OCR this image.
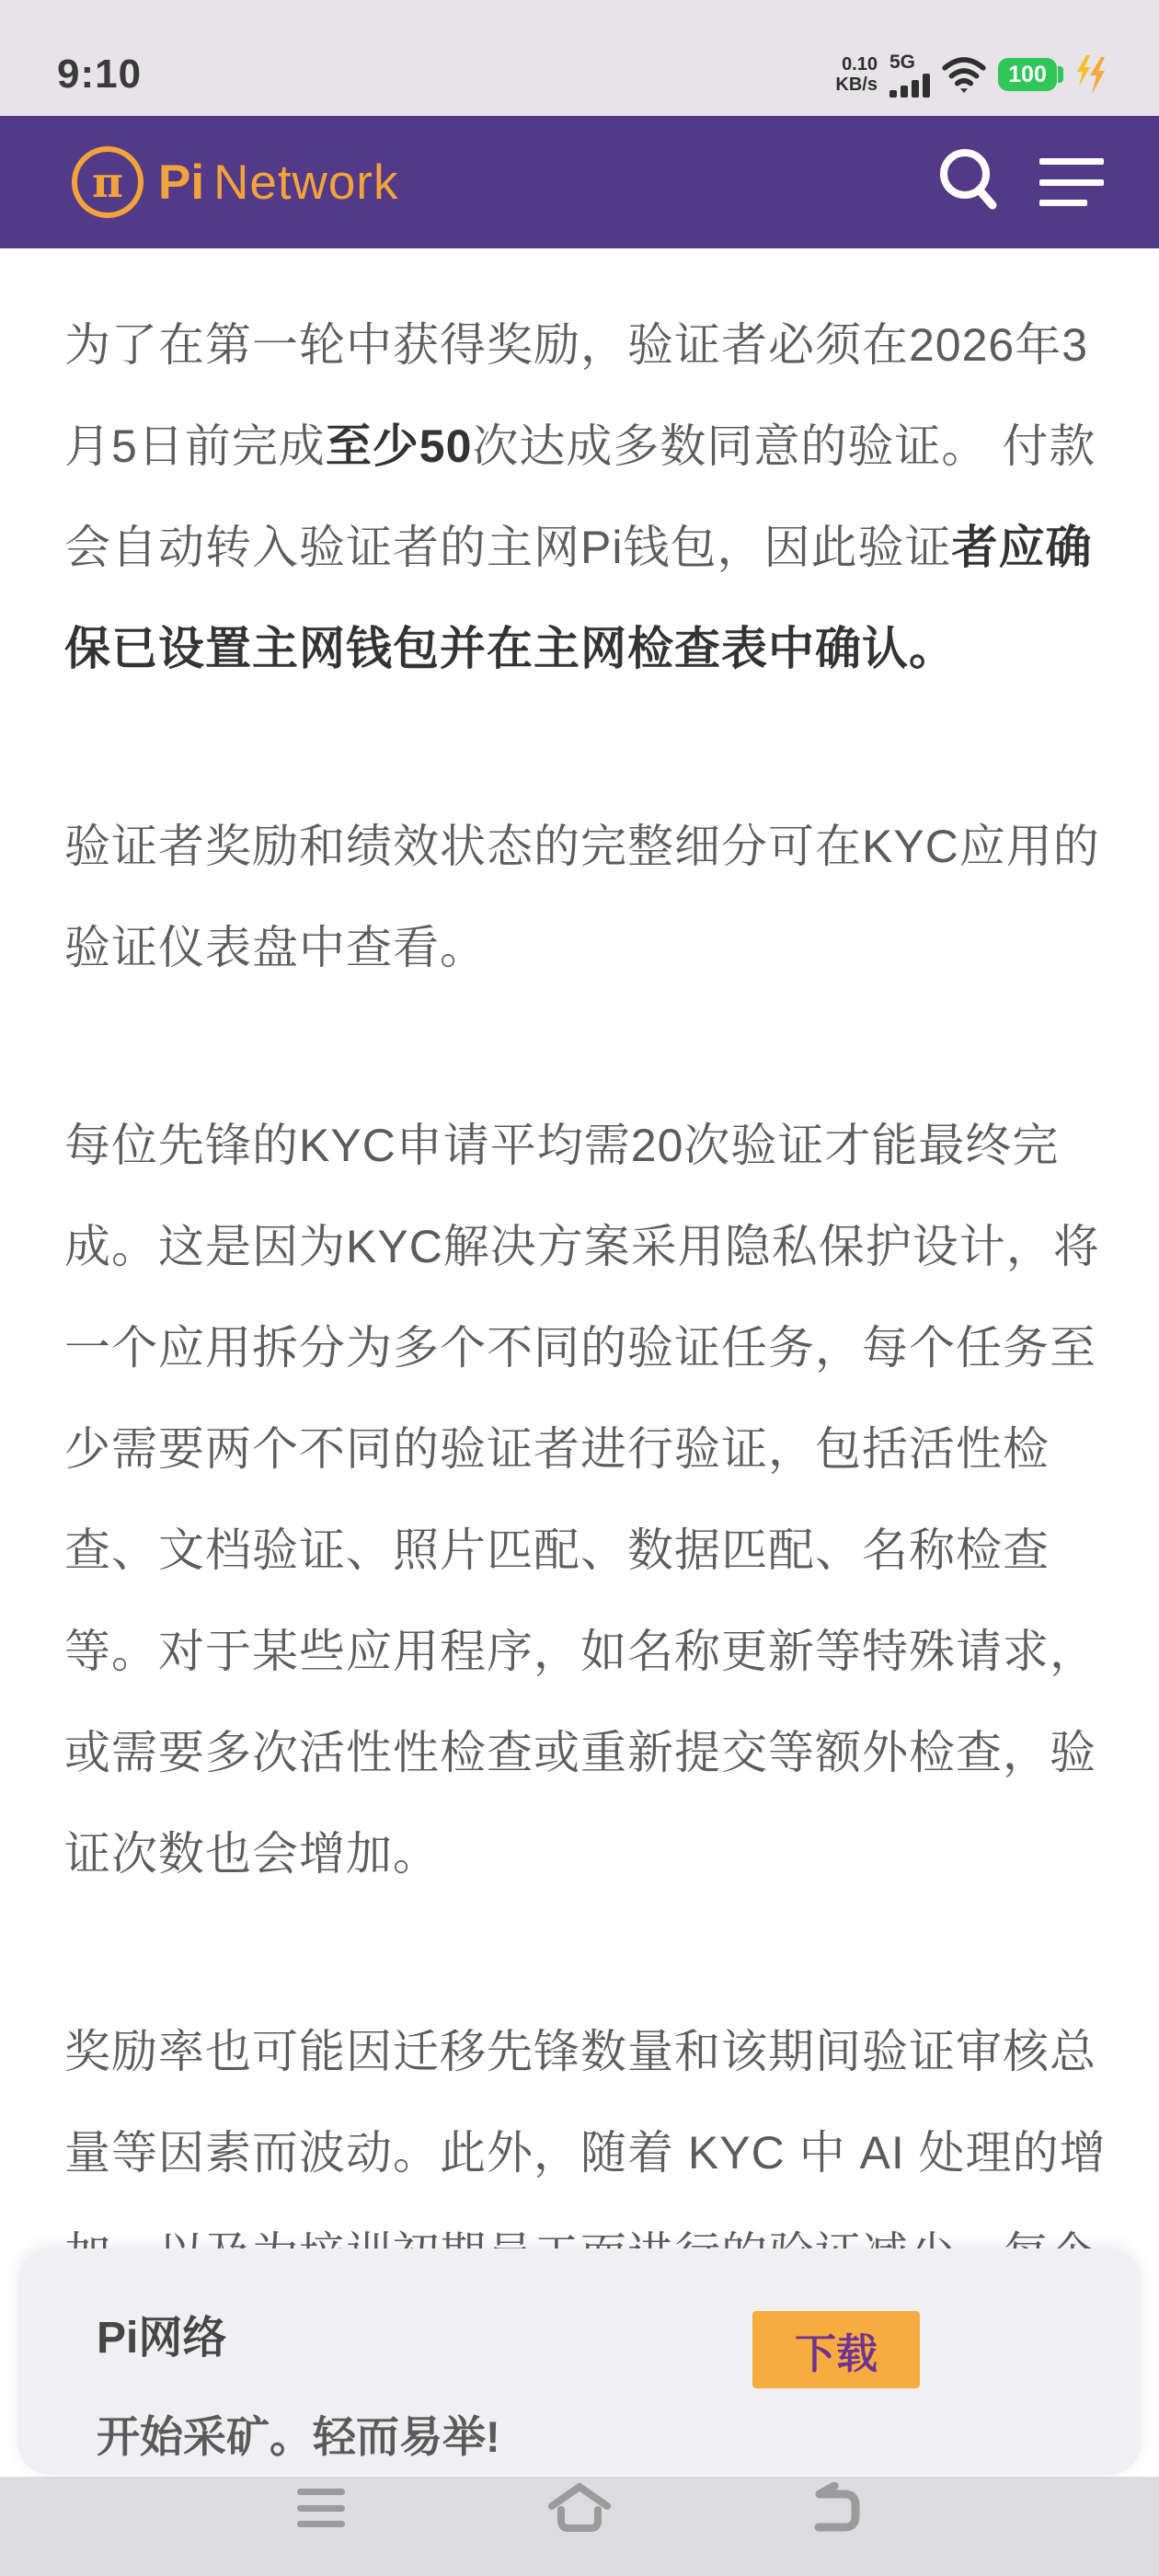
9:10	0.10
KB/s
5G	100
π Pi Network
为了在第一轮中获得奖励，验证者必须在2026年3
月5日前完成至少50次达成多数同意的验证。 付款
会自动转入验证者的主网Pi钱包，因此验证者应确
保已设置主网钱包并在主网检查表中确认。
验证者奖励和绩效状态的完整细分可在KYC应用的
验证仪表盘中查看。
每位先锋的KYC申请平均需20次验证才能最终完
成。这是因为KYC解决方案采用隐私保护设计，将
一个应用拆分为多个不同的验证任务，每个任务至
少需要两个不同的验证者进行验证，包括活性检
查、文档验证、照片匹配、数据匹配、名称检查
等。对于某些应用程序，如名称更新等特殊请求，
或需要多次活性性检查或重新提交等额外检查，验
证次数也会增加。
奖励率也可能因迁移先锋数量和该期间验证审核总
量等因素而波动。此外，随着 KYC 中 AI 处理的增
Pi网络
开始采矿。轻而易举!
下载
